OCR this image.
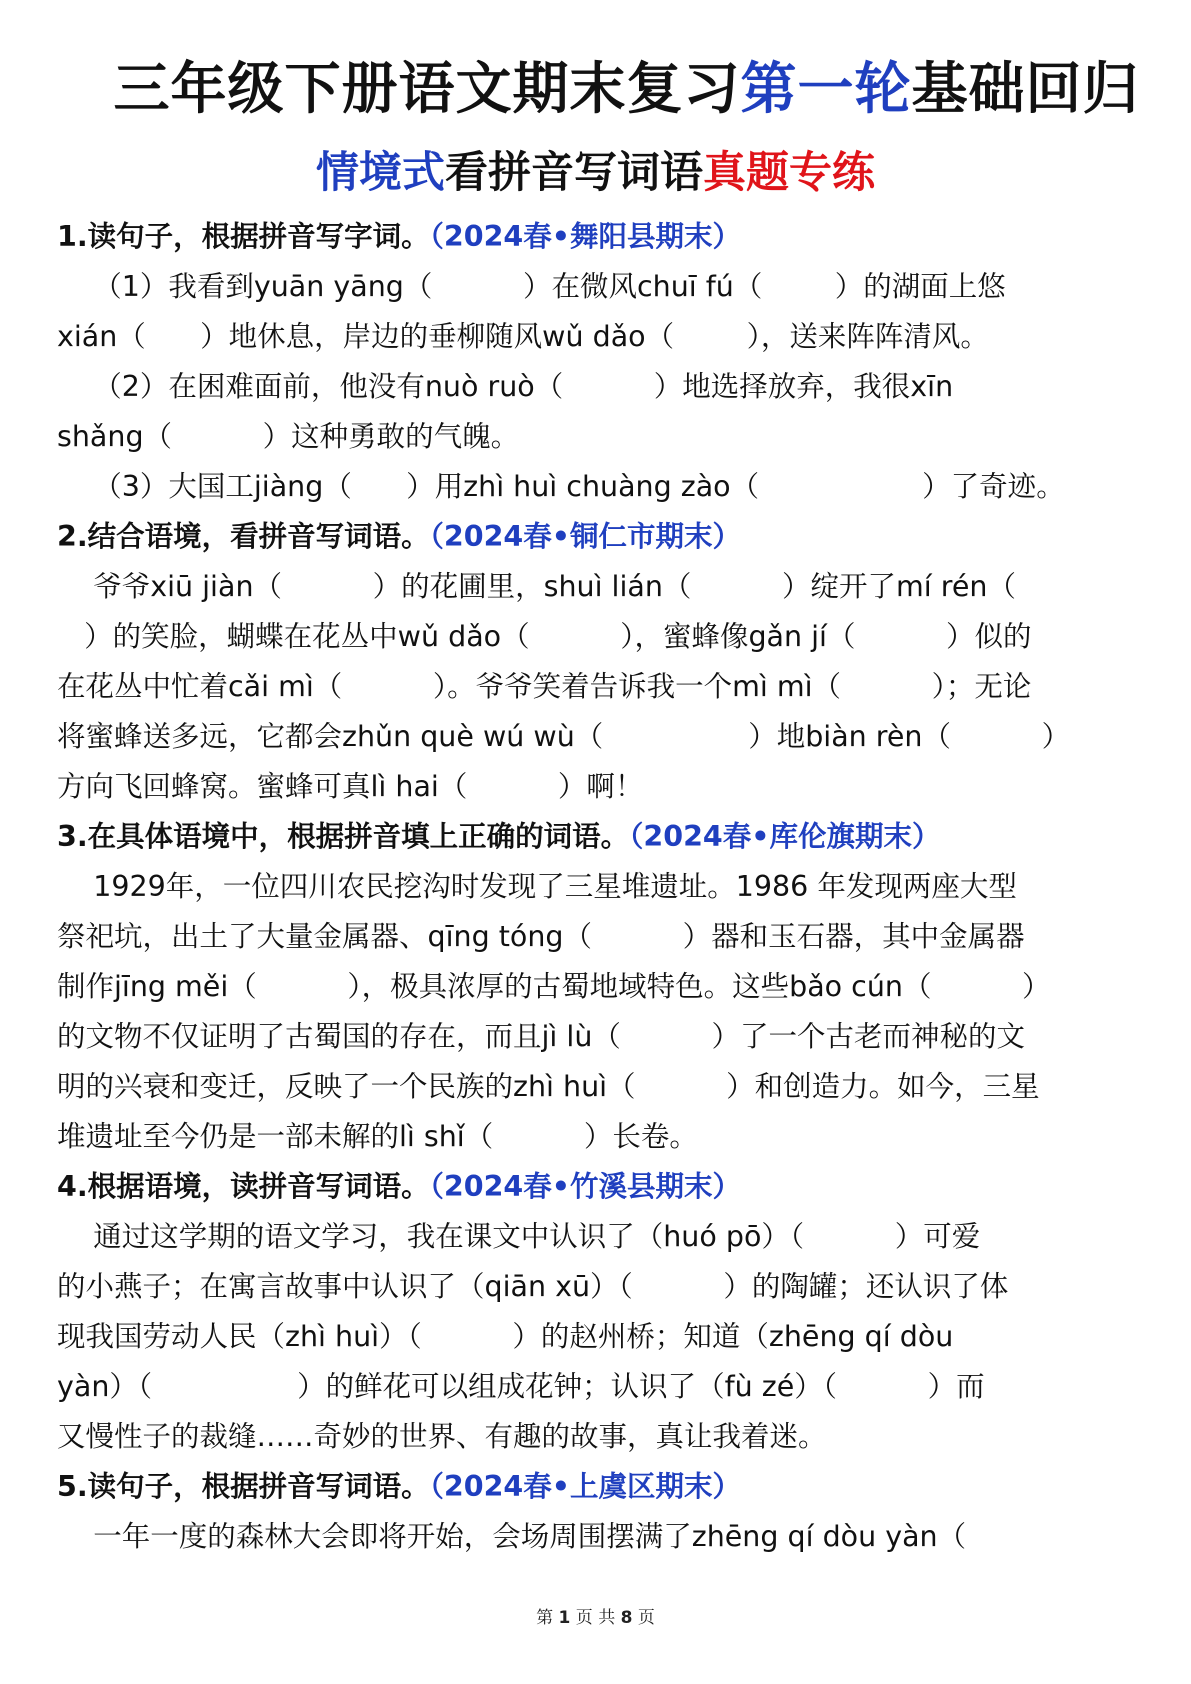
三年级下册语文期末复习第一轮基础回归
情境式看拼音写词语真题专练
1.读句子，根据拼音写字词。（2024春•舞阳县期末）
（1）我看到yuān yāng（          ）在微风chuī fú（        ）的湖面上悠
xián（      ）地休息，岸边的垂柳随风wǔ dǎo（        ），送来阵阵清风。
（2）在困难面前，他没有nuò ruò（          ）地选择放弃，我很xīn
shǎng（          ）这种勇敢的气魄。
（3）大国工jiàng（      ）用zhì huì chuàng zào（                  ）了奇迹。
2.结合语境，看拼音写词语。（2024春•铜仁市期末）
爷爷xiū jiàn（          ）的花圃里，shuì lián（          ）绽开了mí rén（
）的笑脸，蝴蝶在花丛中wǔ dǎo（          ），蜜蜂像gǎn jí（          ）似的
在花丛中忙着cǎi mì（          ）。爷爷笑着告诉我一个mì mì（          ）；无论
将蜜蜂送多远，它都会zhǔn què wú wù（                ）地biàn rèn（          ）
方向飞回蜂窝。蜜蜂可真lì hai（          ）啊！
3.在具体语境中，根据拼音填上正确的词语。（2024春•库伦旗期末）
1929年，一位四川农民挖沟时发现了三星堆遗址。1986 年发现两座大型
祭祀坑，出土了大量金属器、qīng tóng（          ）器和玉石器，其中金属器
制作jīng měi（          ），极具浓厚的古蜀地域特色。这些bǎo cún（          ）
的文物不仅证明了古蜀国的存在，而且jì lù（          ）了一个古老而神秘的文
明的兴衰和变迁，反映了一个民族的zhì huì（          ）和创造力。如今，三星
堆遗址至今仍是一部未解的lì shǐ（          ）长卷。
4.根据语境，读拼音写词语。（2024春•竹溪县期末）
通过这学期的语文学习，我在课文中认识了（huó pō）（          ）可爱
的小燕子；在寓言故事中认识了（qiān xū）（          ）的陶罐；还认识了体
现我国劳动人民（zhì huì）（          ）的赵州桥；知道（zhēng qí dòu
yàn）（                ）的鲜花可以组成花钟；认识了（fù zé）（          ）而
又慢性子的裁缝……奇妙的世界、有趣的故事，真让我着迷。
5.读句子，根据拼音写词语。（2024春•上虞区期末）
一年一度的森林大会即将开始，会场周围摆满了zhēng qí dòu yàn（
第 1 页 共 8 页
